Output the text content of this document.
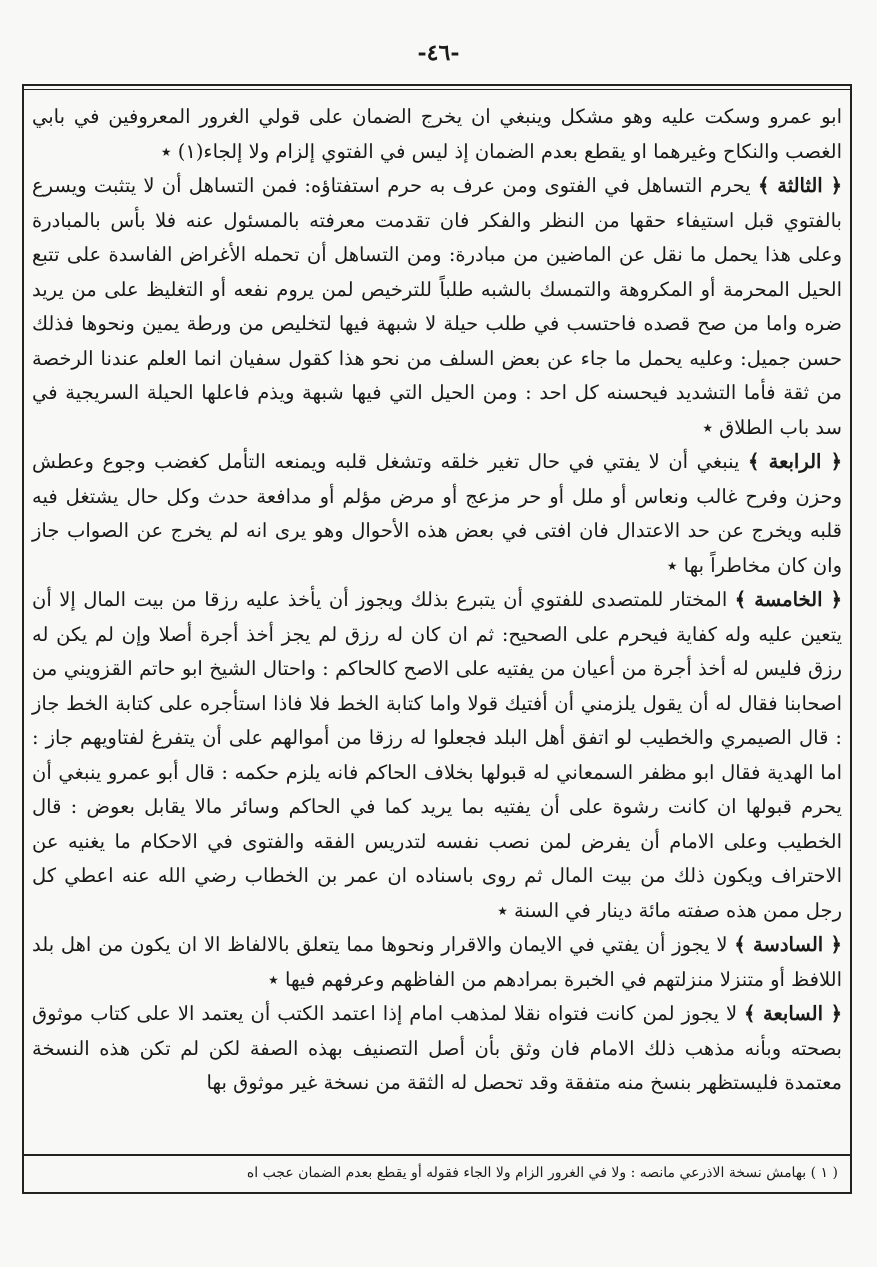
-٤٦-

ابو عمرو وسكت عليه وهو مشكل وينبغي ان يخرج الضمان على قولي الغرور المعروفين في بابي الغصب والنكاح وغيرهما او يقطع بعدم الضمان إذ ليس في الفتوي إلزام ولا إلجاء(١) ٭

﴿ الثالثة ﴾ يحرم التساهل في الفتوى ومن عرف به حرم استفتاؤه: فمن التساهل أن لا يتثبت ويسرع بالفتوي قبل استيفاء حقها من النظر والفكر فان تقدمت معرفته بالمسئول عنه فلا بأس بالمبادرة وعلى هذا يحمل ما نقل عن الماضين من مبادرة: ومن التساهل أن تحمله الأغراض الفاسدة على تتبع الحيل المحرمة أو المكروهة والتمسك بالشبه طلباً للترخيص لمن يروم نفعه أو التغليظ على من يريد ضره واما من صح قصده فاحتسب في طلب حيلة لا شبهة فيها لتخليص من ورطة يمين ونحوها فذلك حسن جميل: وعليه يحمل ما جاء عن بعض السلف من نحو هذا كقول سفيان انما العلم عندنا الرخصة من ثقة فأما التشديد فيحسنه كل احد : ومن الحيل التي فيها شبهة ويذم فاعلها الحيلة السريجية في سد باب الطلاق ٭

﴿ الرابعة ﴾ ينبغي أن لا يفتي في حال تغير خلقه وتشغل قلبه ويمنعه التأمل كغضب وجوع وعطش وحزن وفرح غالب ونعاس أو ملل أو حر مزعج أو مرض مؤلم أو مدافعة حدث وكل حال يشتغل فيه قلبه ويخرج عن حد الاعتدال فان افتى في بعض هذه الأحوال وهو يرى انه لم يخرج عن الصواب جاز وان كان مخاطراً بها ٭

﴿ الخامسة ﴾ المختار للمتصدى للفتوي أن يتبرع بذلك ويجوز أن يأخذ عليه رزقا من بيت المال إلا أن يتعين عليه وله كفاية فيحرم على الصحيح: ثم ان كان له رزق لم يجز أخذ أجرة أصلا وإن لم يكن له رزق فليس له أخذ أجرة من أعيان من يفتيه على الاصح كالحاكم : واحتال الشيخ ابو حاتم القزويني من اصحابنا فقال له أن يقول يلزمني أن أفتيك قولا واما كتابة الخط فلا فاذا استأجره على كتابة الخط جاز : قال الصيمري والخطيب لو اتفق أهل البلد فجعلوا له رزقا من أموالهم على أن يتفرغ لفتاويهم جاز : اما الهدية فقال ابو مظفر السمعاني له قبولها بخلاف الحاكم فانه يلزم حكمه : قال أبو عمرو ينبغي أن يحرم قبولها ان كانت رشوة على أن يفتيه بما يريد كما في الحاكم وسائر مالا يقابل بعوض : قال الخطيب وعلى الامام أن يفرض لمن نصب نفسه لتدريس الفقه والفتوى في الاحكام ما يغنيه عن الاحتراف ويكون ذلك من بيت المال ثم روى باسناده ان عمر بن الخطاب رضي الله عنه اعطي كل رجل ممن هذه صفته مائة دينار في السنة ٭

﴿ السادسة ﴾ لا يجوز أن يفتي في الايمان والاقرار ونحوها مما يتعلق بالالفاظ الا ان يكون من اهل بلد اللافظ أو متنزلا منزلتهم في الخبرة بمرادهم من الفاظهم وعرفهم فيها ٭

﴿ السابعة ﴾ لا يجوز لمن كانت فتواه نقلا لمذهب امام إذا اعتمد الكتب أن يعتمد الا على كتاب موثوق بصحته وبأنه مذهب ذلك الامام فان وثق بأن أصل التصنيف بهذه الصفة لكن لم تكن هذه النسخة معتمدة فليستظهر بنسخ منه متفقة وقد تحصل له الثقة من نسخة غير موثوق بها

( ١ ) بهامش نسخة الاذرعي مانصه : ولا في الغرور الزام ولا الجاء فقوله أو يقطع بعدم الضمان عجب اه
